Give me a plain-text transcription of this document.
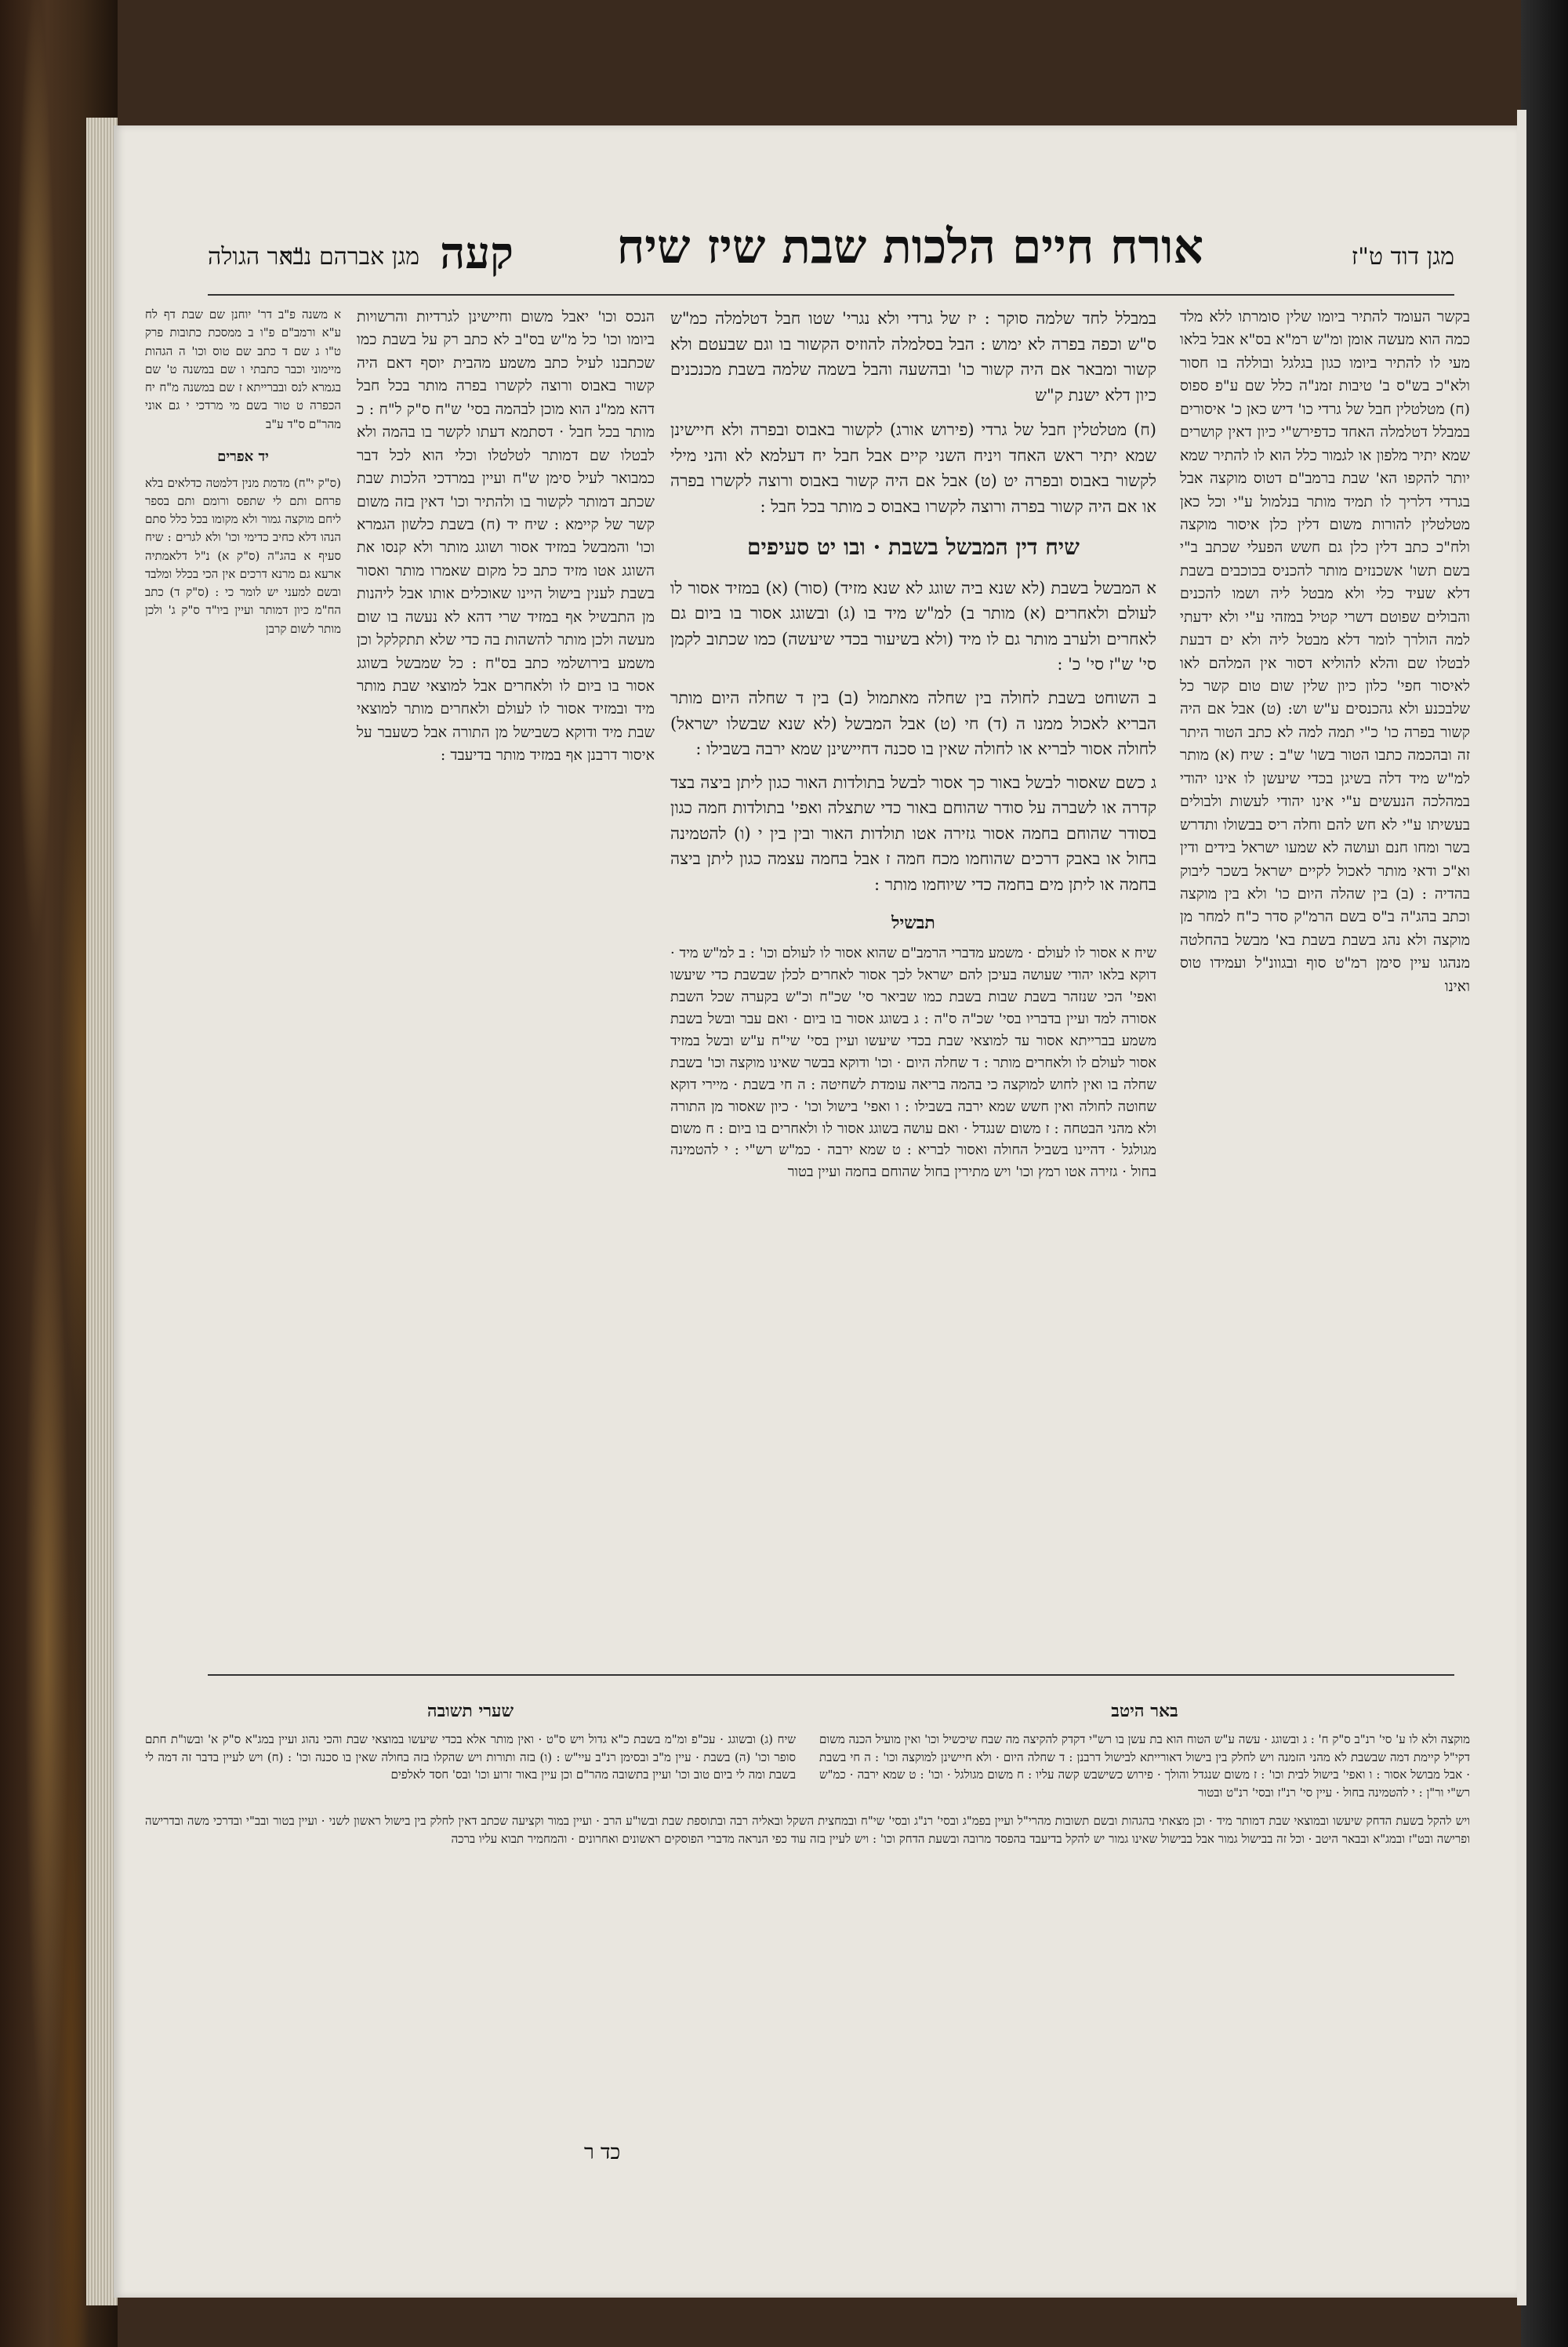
מגן דוד ט"ז
אורח חיים הלכות שבת שיז שיח
מגן אברהם נ"ר קעה
באר הגולה
בקשר העומד להתיר ביומו שלין סומרתו ללא מלד כמה הוא מעשה אומן ומ"ש רמ"א בס"א אבל בלאו מעי לו להתיר ביומו כגון בגלגל ובוללה בו חסור ולא"כ בש"ס ב' טיבות זמנ"ה כלל שם ע"פ ספוס (ח) מטלטלין חבל של גרדי כו' דיש כאן כ' איסורים במבלל דטלמלה האחד כדפירש"י כיון דאין קושרים שמא יתיר מלפון או לגמור כלל הוא לו להתיר שמא יותר להקפו הא' שבת ברמב"ם דטוס מוקצה אבל בגרדי דלריך לו תמיד מותר בנלמול ע"י וכל כאן מטלטלין להורות משום דלין כלן איסור מוקצה ולח"כ כתב דלין כלן גם חשש הפעלי שכתב ב"י בשם תשו' אשכנזים מותר להכניס בכוכבים בשבת דלא שעיד כלי ולא מבטל ליה ושמו להכנים והבולים שפוטם דשרי קטיל במזהי ע"י ולא ידעתי למה הולרך לומר דלא מבטל ליה ולא ים דבעת לבטלו שם והלא להוליא דסור אין המלהם לאו לאיסור חפי' כלון כיון שלין שום טום קשר כל שלבכנע ולא גהכנסים ע"ש וש: (ט) אבל אם היה קשור בפרה כו' כ"י תמה למה לא כתב הטור היתר זה ובהכמה כתבו הטור בשו' ש"ב : שיח (א) מותר למ"ש מיד דלה בשיגן בכדי שיעשן לו אינו יהודי במהלכה הנעשים ע"י אינו יהודי לעשות ולבולים בעשיתו ע"י לא חש להם וחלה ריס בבשולו ותדרש בשר ומחו חנם ועושה לא שמעו ישראל בידים ודין וא"כ ודאי מותר לאכול לקיים ישראל בשכר ליבוק בהדיה : (ב) בין שהלה היום כו' ולא בין מוקצה וכתב בהג"ה ב"ס בשם הרמ"ק סדר כ"ח למחר מן מוקצה ולא נהג בשבת בשבת בא' מבשל בהחלטה מנהגו עיין סימן רמ"ט סוף ובגוונ"ל ועמידו טוס ואינו
במבלל לחד שלמה סוקר : יז של גרדי ולא נגרי' שטו חבל דטלמלה כמ"ש ס"ש וכפה בפרה לא ימוש : הבל בסלמלה להוזיס הקשור בו וגם שבעטם ולא קשור ומבאר אם היה קשור כו' ובהשעה והבל בשמה שלמה בשבת מכנכנים כיון דלא ישנת ק"ש
(ח) מטלטלין חבל של גרדי (פירוש אורג) לקשור באבוס ובפרה ולא חיישינן שמא יתיר ראש האחד ויניח השני קיים אבל חבל יח דעלמא לא והני מילי לקשור באבוס ובפרה יט (ט) אבל אם היה קשור באבוס ורוצה לקשרו בפרה או אם היה קשור בפרה ורוצה לקשרו באבוס כ מותר בכל חבל :
שיח דין המבשל בשבת · ובו יט סעיפים
א המבשל בשבת (לא שנא ביה שוגג לא שנא מזיד) (סור) (א) במזיד אסור לו לעולם ולאחרים (א) מותר ב) למ"ש מיד בו (ג) ובשוגג אסור בו ביום גם לאחרים ולערב מותר גם לו מיד (ולא בשיעור בכדי שיעשה) כמו שכתוב לקמן סי' ש"ז סי' כ' :
ב השוחט בשבת לחולה בין שחלה מאתמול (ב) בין ד שחלה היום מותר הבריא לאכול ממנו ה (ד) חי (ט) אבל המבשל (לא שנא שבשלו ישראל) לחולה אסור לבריא או לחולה שאין בו סכנה דחיישינן שמא ירבה בשבילו :
ג כשם שאסור לבשל באור כך אסור לבשל בתולדות האור כגון ליתן ביצה בצד קדרה או לשברה על סודר שהוחם באור כדי שתצלה ואפי' בתולדות חמה כגון בסודר שהוחם בחמה אסור גזירה אטו תולדות האור ובין בין י (ו) להטמינה בחול או באבק דרכים שהוחמו מכח חמה ז אבל בחמה עצמה כגון ליתן ביצה בחמה או ליתן מים בחמה כדי שיוחמו מותר :
תבשיל
שיח א אסור לו לעולם · משמע מדברי הרמב"ם שהוא אסור לו לעולם וכו' : ב למ"ש מיד · דוקא בלאו יהודי שעושה בעיכן להם ישראל לכך אסור לאחרים לכלן שבשבת כדי שיעשו ואפי' הכי שנזהר בשבת שבות בשבת כמו שביאר סי' שכ"ח וכ"ש בקערה שכל השבת אסורה למד ועיין בדבריו בסי' שכ"ה ס"ה : ג בשוגג אסור בו ביום · ואם עבר ובשל בשבת משמע בברייתא אסור עד למוצאי שבת בכדי שיעשו ועיין בסי' שי"ח ע"ש ובשל במזיד אסור לעולם לו ולאחרים מותר : ד שחלה היום · וכו' ודוקא בבשר שאינו מוקצה וכו' בשבת שחלה בו ואין לחוש למוקצה כי בהמה בריאה עומדת לשחיטה : ה חי בשבת · מיירי דוקא שחוטה לחולה ואין חשש שמא ירבה בשבילו : ו ואפי' בישול וכו' · כיון שאסור מן התורה ולא מהני הבטחה : ז משום שנגדל · ואם עושה בשוגג אסור לו ולאחרים בו ביום : ח משום מגולגל · דהיינו בשביל החולה ואסור לבריא : ט שמא ירבה · כמ"ש רש"י : י להטמינה בחול · גזירה אטו רמץ וכו' ויש מתירין בחול שהוחם בחמה ועיין בטור
הנכס וכו' יאבל משום וחיישינן לגרדיות והרשויות ביומו וכו' כל מ"ש בס"ב לא כתב רק על בשבת כמו שכתבנו לעיל כתב משמע מהבית יוסף דאם היה קשור באבוס ורוצה לקשרו בפרה מותר בכל חבל דהא ממ"נ הוא מוכן לבהמה בסי' ש"ח ס"ק ל"ח : כ מותר בכל חבל · דסתמא דעתו לקשר בו בהמה ולא לבטלו שם דמותר לטלטלו וכלי הוא לכל דבר כמבואר לעיל סימן ש"ח ועיין במרדכי הלכות שבת שכתב דמותר לקשור בו ולהתיר וכו' דאין בזה משום קשר של קיימא : שיח יד (ח) בשבת כלשון הגמרא וכו' והמבשל במזיד אסור ושוגג מותר ולא קנסו את השוגג אטו מזיד כתב כל מקום שאמרו מותר ואסור בשבת לענין בישול היינו שאוכלים אותו אבל ליהנות מן התבשיל אף במזיד שרי דהא לא נעשה בו שום מעשה ולכן מותר להשהות בה כדי שלא תתקלקל וכן משמע בירושלמי כתב בס"ח : כל שמבשל בשוגג אסור בו ביום לו ולאחרים אבל למוצאי שבת מותר מיד ובמזיד אסור לו לעולם ולאחרים מותר למוצאי שבת מיד ודוקא כשבישל מן התורה אבל כשעבר על איסור דרבנן אף במזיד מותר בדיעבד :
א משנה פ"ב דר' יוחנן שם שבת דף לח ע"א ורמב"ם פ"ו ב ממסכת כתובות פרק ט"ו ג שם ד כתב שם טוס וכו' ה הגהות מיימוני וכבר כתבתי ו שם במשנה ט' שם בגמרא לנס ובברייתא ז שם במשנה מ"ח יח הכפרה ט טור בשם מי מרדכי י גם אוני מהר"ם ס"ד ע"ב
יד אפרים
(ס"ק י"ח) מדמת מנין דלמטה כדלאים בלא פרחם ותם לי שתפס ורומם ותם בספר ליחם מוקצה גמור ולא מקומו בכל כלל סתם הנהו דלא כחיב כדימי וכו' ולא לגרים : שיח סעיף א בהג"ה (ס"ק א) נ"ל דלאמתיה ארעא גם מרנא דרכים אין הכי בכלל ומלבד ובשם למעני יש לומר כי : (ס"ק ד) כתב הח"מ כיון דמותר ועיין ביו"ד ס"ק ג' ולכן מותר לשום קרבן
באר היטב
מוקצה ולא לו ע' סי' רנ"ב ס"ק ח' : ג ובשוגג · עשה ע"ש הטוח הוא בת עשן בו רש"י דקדק להקיצה מה שבח שיכשיל וכו' ואין מועיל הכנה משום דקי"ל קיימת דמה שבשבת לא מהני הזמנה ויש לחלק בין בישול דאורייתא לבישול דרבנן : ד שחלה היום · ולא חיישינן למוקצה וכו' : ה חי בשבת · אבל מבושל אסור : ו ואפי' בישול לבית וכו' : ז משום שנגדל והולך · פירוש כשישבש קשה עליו : ח משום מגולגל · וכו' : ט שמא ירבה · כמ"ש רש"י ור"ן : י להטמינה בחול · עיין סי' רנ"ז ובסי' רנ"ט ובטור
שערי תשובה
שיח (ג) ובשוגג · עכ"פ ומ"מ בשבת כ"א גדול ויש ס"ט · ואין מותר אלא בכדי שיעשו במוצאי שבת והכי נהוג ועיין במג"א ס"ק א' ובשו"ת חתם סופר וכו' (ה) בשבת · עיין מ"ב ובסימן רנ"ב עיי"ש : (ו) בזה ותורות ויש שהקלו בזה בחולה שאין בו סכנה וכו' : (ח) ויש לעיין בדבר זה דמה לי בשבת ומה לי ביום טוב וכו' ועיין בתשובה מהר"ם וכן עיין באור זרוע וכו' ובס' חסד לאלפים
ויש להקל בשעת הדחק שיעשו ובמוצאי שבת דמותר מיד · וכן מצאתי בהגהות ובשם תשובות מהרי"ל ועיין בפמ"ג ובסי' רנ"ג ובסי' שי"ח ובמחצית השקל ובאליה רבה ובתוספת שבת ובשו"ע הרב · ועיין במור וקציעה שכתב דאין לחלק בין בישול ראשון לשני · ועיין בטור ובב"י ובדרכי משה ובדרישה ופרישה ובט"ז ובמג"א ובבאר היטב · וכל זה בבישול גמור אבל בבישול שאינו גמור יש להקל בדיעבד בהפסד מרובה ובשעת הדחק וכו' : ויש לעיין בזה עוד כפי הנראה מדברי הפוסקים ראשונים ואחרונים · והמחמיר תבוא עליו ברכה
כד ר
